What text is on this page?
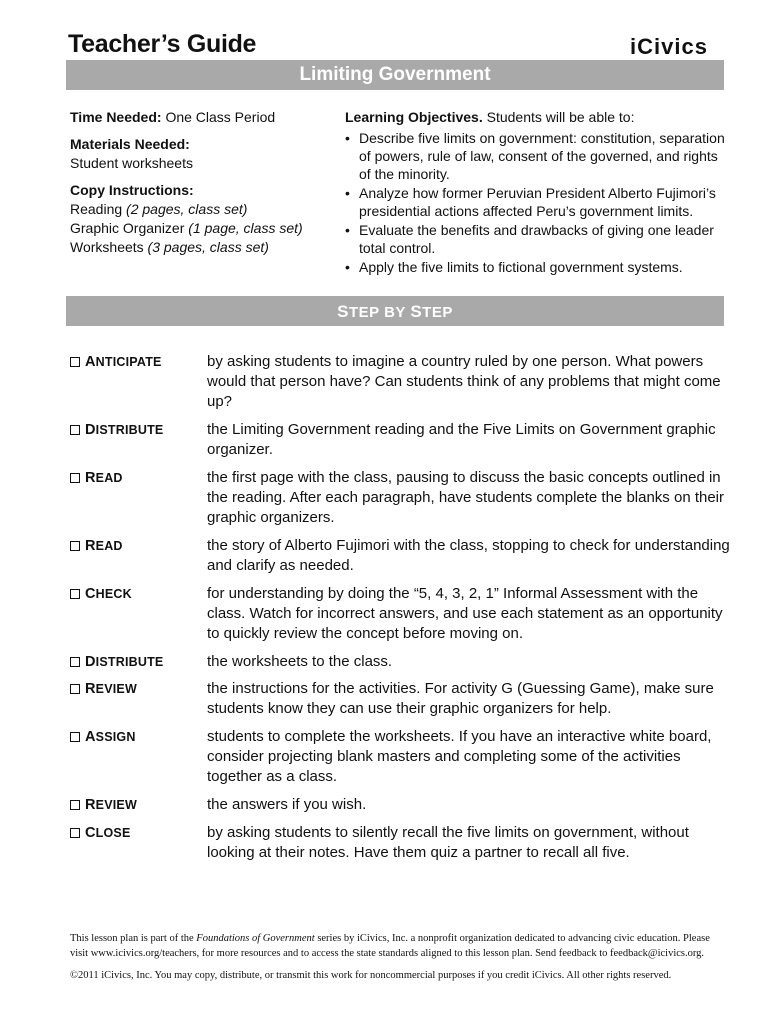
Teacher’s Guide	iCivics
Limiting Government
Time Needed: One Class Period
Materials Needed:
Student worksheets
Copy Instructions:
Reading (2 pages, class set)
Graphic Organizer (1 page, class set)
Worksheets (3 pages, class set)
Learning Objectives. Students will be able to:
• Describe five limits on government: constitution, separation of powers, rule of law, consent of the governed, and rights of the minority.
• Analyze how former Peruvian President Alberto Fujimori’s presidential actions affected Peru’s government limits.
• Evaluate the benefits and drawbacks of giving one leader total control.
• Apply the five limits to fictional government systems.
STEP BY STEP
ANTICIPATE	by asking students to imagine a country ruled by one person. What powers would that person have? Can students think of any problems that might come up?
DISTRIBUTE	the Limiting Government reading and the Five Limits on Government graphic organizer.
READ	the first page with the class, pausing to discuss the basic concepts outlined in the reading. After each paragraph, have students complete the blanks on their graphic organizers.
READ	the story of Alberto Fujimori with the class, stopping to check for understanding and clarify as needed.
CHECK	for understanding by doing the “5, 4, 3, 2, 1” Informal Assessment with the class. Watch for incorrect answers, and use each statement as an opportunity to quickly review the concept before moving on.
DISTRIBUTE	the worksheets to the class.
REVIEW	the instructions for the activities. For activity G (Guessing Game), make sure students know they can use their graphic organizers for help.
ASSIGN	students to complete the worksheets. If you have an interactive white board, consider projecting blank masters and completing some of the activities together as a class.
REVIEW	the answers if you wish.
CLOSE	by asking students to silently recall the five limits on government, without looking at their notes. Have them quiz a partner to recall all five.
This lesson plan is part of the Foundations of Government series by iCivics, Inc. a nonprofit organization dedicated to advancing civic education. Please visit www.icivics.org/teachers, for more resources and to access the state standards aligned to this lesson plan. Send feedback to feedback@icivics.org.
©2011 iCivics, Inc. You may copy, distribute, or transmit this work for noncommercial purposes if you credit iCivics. All other rights reserved.
